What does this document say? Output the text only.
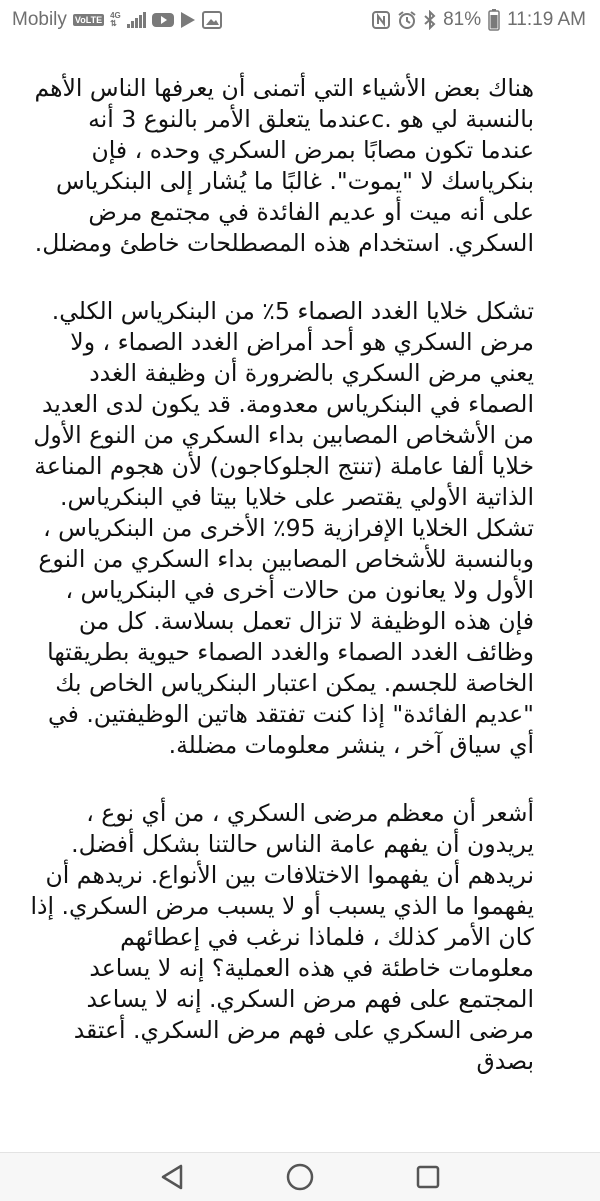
Mobily VoLTE 4G
⇅	81% 11:19 AM

هناك بعض الأشياء التي أتمنى أن يعرفها الناس الأهم بالنسبة لي هو .cعندما يتعلق الأمر بالنوع 3 أنه عندما تكون مصابًا بمرض السكري وحده ، فإن بنكرياسك لا "يموت". غالبًا ما يُشار إلى البنكرياس على أنه ميت أو عديم الفائدة في مجتمع مرض السكري. استخدام هذه المصطلحات خاطئ ومضلل.

تشكل خلايا الغدد الصماء 5٪ من البنكرياس الكلي. مرض السكري هو أحد أمراض الغدد الصماء ، ولا يعني مرض السكري بالضرورة أن وظيفة الغدد الصماء في البنكرياس معدومة. قد يكون لدى العديد من الأشخاص المصابين بداء السكري من النوع الأول خلايا ألفا عاملة (تنتج الجلوكاجون) لأن هجوم المناعة الذاتية الأولي يقتصر على خلايا بيتا في البنكرياس. تشكل الخلايا الإفرازية 95٪ الأخرى من البنكرياس ، وبالنسبة للأشخاص المصابين بداء السكري من النوع الأول ولا يعانون من حالات أخرى في البنكرياس ، فإن هذه الوظيفة لا تزال تعمل بسلاسة. كل من وظائف الغدد الصماء والغدد الصماء حيوية بطريقتها الخاصة للجسم. يمكن اعتبار البنكرياس الخاص بك "عديم الفائدة" إذا كنت تفتقد هاتين الوظيفتين. في أي سياق آخر ، ينشر معلومات مضللة.

أشعر أن معظم مرضى السكري ، من أي نوع ، يريدون أن يفهم عامة الناس حالتنا بشكل أفضل. نريدهم أن يفهموا الاختلافات بين الأنواع. نريدهم أن يفهموا ما الذي يسبب أو لا يسبب مرض السكري. إذا كان الأمر كذلك ، فلماذا نرغب في إعطائهم معلومات خاطئة في هذه العملية؟ إنه لا يساعد المجتمع على فهم مرض السكري. إنه لا يساعد مرضى السكري على فهم مرض السكري. أعتقد بصدق
